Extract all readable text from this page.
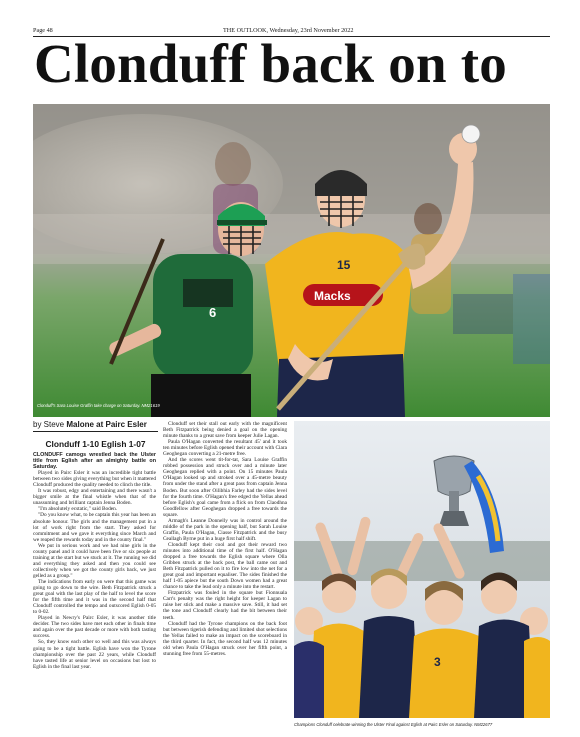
Page 48	THE OUTLOOK, Wednesday, 23rd November 2022
Clonduff back on to
6
Macks
15
Clonduff's Sara Louise Graffin take charge on Saturday. NM21619
by Steve Malone at Pairc Esler
Clonduff 1-10 Eglish 1-07

CLONDUFF camogs wrestled back the Ulster title from Eglish after an almighty battle on Saturday.

Played in Pairc Esler it was an incredible tight battle between two sides giving everything but when it mattered Clonduff produced the quality needed to clinch the title.

It was robust, edgy and entertaining and there wasn't a bigger smile at the final whistle when that of the unassuming and brilliant captain Jenna Boden.

"I'm absolutely ecstatic," said Boden.

"Do you know what, to be captain this year has been an absolute honour. The girls and the management put in a lot of work right from the start. They asked for commitment and we gave it everything since March and we reaped the rewards today and in the county final."

We put in serious work and we had nine girls in the county panel and it could have been five or six people at training at the start but we stuck at it. The running we did and everything they asked and then you could see collectively when we got the county girls back, we just gelled as a group."

The indications from early on were that this game was going to go down to the wire. Beth Fitzpatrick struck a great goal with the last play of the half to level the score for the fifth time and it was in the second half that Clonduff controlled the tempo and outscored Eglish 0-05 to 0-02.

Played in Newry's Pairc Esler, it was another title decider. The two sides have met each other in finals time and again over the past decade or more with both tasting success.

So, they know each other so well and this was always going to be a tight battle. Eglish have won the Tyrone championship over the past 22 years, while Clonduff have tasted life at senior level on occasions but lost to Eglish in the final last year.

Clonduff set their stall out early with the magnificent Beth Fitzpatrick being denied a goal on the opening minute thanks to a great save from keeper Julie Lagan.

Paula O'Hagan converted the resultant 45' and it took ten minutes before Eglish opened their account with Ciara Geoghegan converting a 21-metre free.

And the scores went tit-for-tat, Sara Louise Graffin robbed possession and struck over and a minute later Geoghegan replied with a point. On 15 minutes Paula O'Hagan looked up and stroked over a 45-metre beauty from under the stand after a great pass from captain Jenna Boden. But soon after Oilibhia Farley had the sides level for the fourth time. O'Hagan's free edged the Yellas ahead before Eglish's goal came from a flick on from Claodhna Goodfellow after Geoghegan dropped a free towards the square.

Armagh's Leanne Donnelly was in control around the middle of the park in the opening half, but Sarah Louise Graffin, Paula O'Hagan, Ciasse Fitzpatrick and the busy Ceallagh Byrne put in a huge first half shift.

Clonduff kept their cool and got their reward two minutes into additional time of the first half. O'Hagan dropped a free towards the Eglish square where Olla Gribben struck at the back post, the ball came out and Beth Fitzpatrick pulled on it to fire low into the net for a great goal and important equaliser. The sides finished the half 1-05 apiece but the south Down women had a great chance to take the lead only a minute into the restart.

Fitzpatrick was fouled in the square but Fionnuala Carr's penalty was the right height for keeper Lagan to raise her stick and make a massive save. Still, it had set the tone and Clonduff clearly had the bit between their teeth.

Clonduff had the Tyrone champions on the back foot but between tigerish defending and limited shot selections the Yellas failed to make an impact on the scoreboard in the third quarter. In fact, the second half was 12 minutes old when Paula O'Hagan struck over her fifth point, a stunning free from 55-metres.

3
Champions Clonduff celebrate winning the Ulster Final against Eglish at Pairc Esler on Saturday. NM22677
